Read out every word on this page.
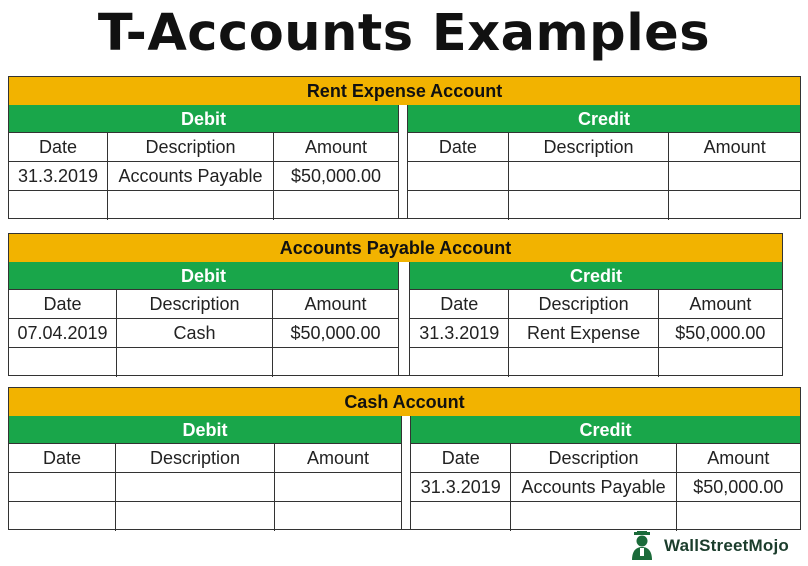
T-Accounts Examples
Rent Expense Account
Debit
Date	Description	Amount
31.3.2019	Accounts Payable	$50,000.00
Credit
Date	Description	Amount
Accounts Payable Account
Debit
Date	Description	Amount
07.04.2019	Cash	$50,000.00
Credit
Date	Description	Amount
31.3.2019	Rent Expense	$50,000.00
Cash Account
Debit
Date	Description	Amount
Credit
Date	Description	Amount
31.3.2019	Accounts Payable	$50,000.00
WallStreetMojo
